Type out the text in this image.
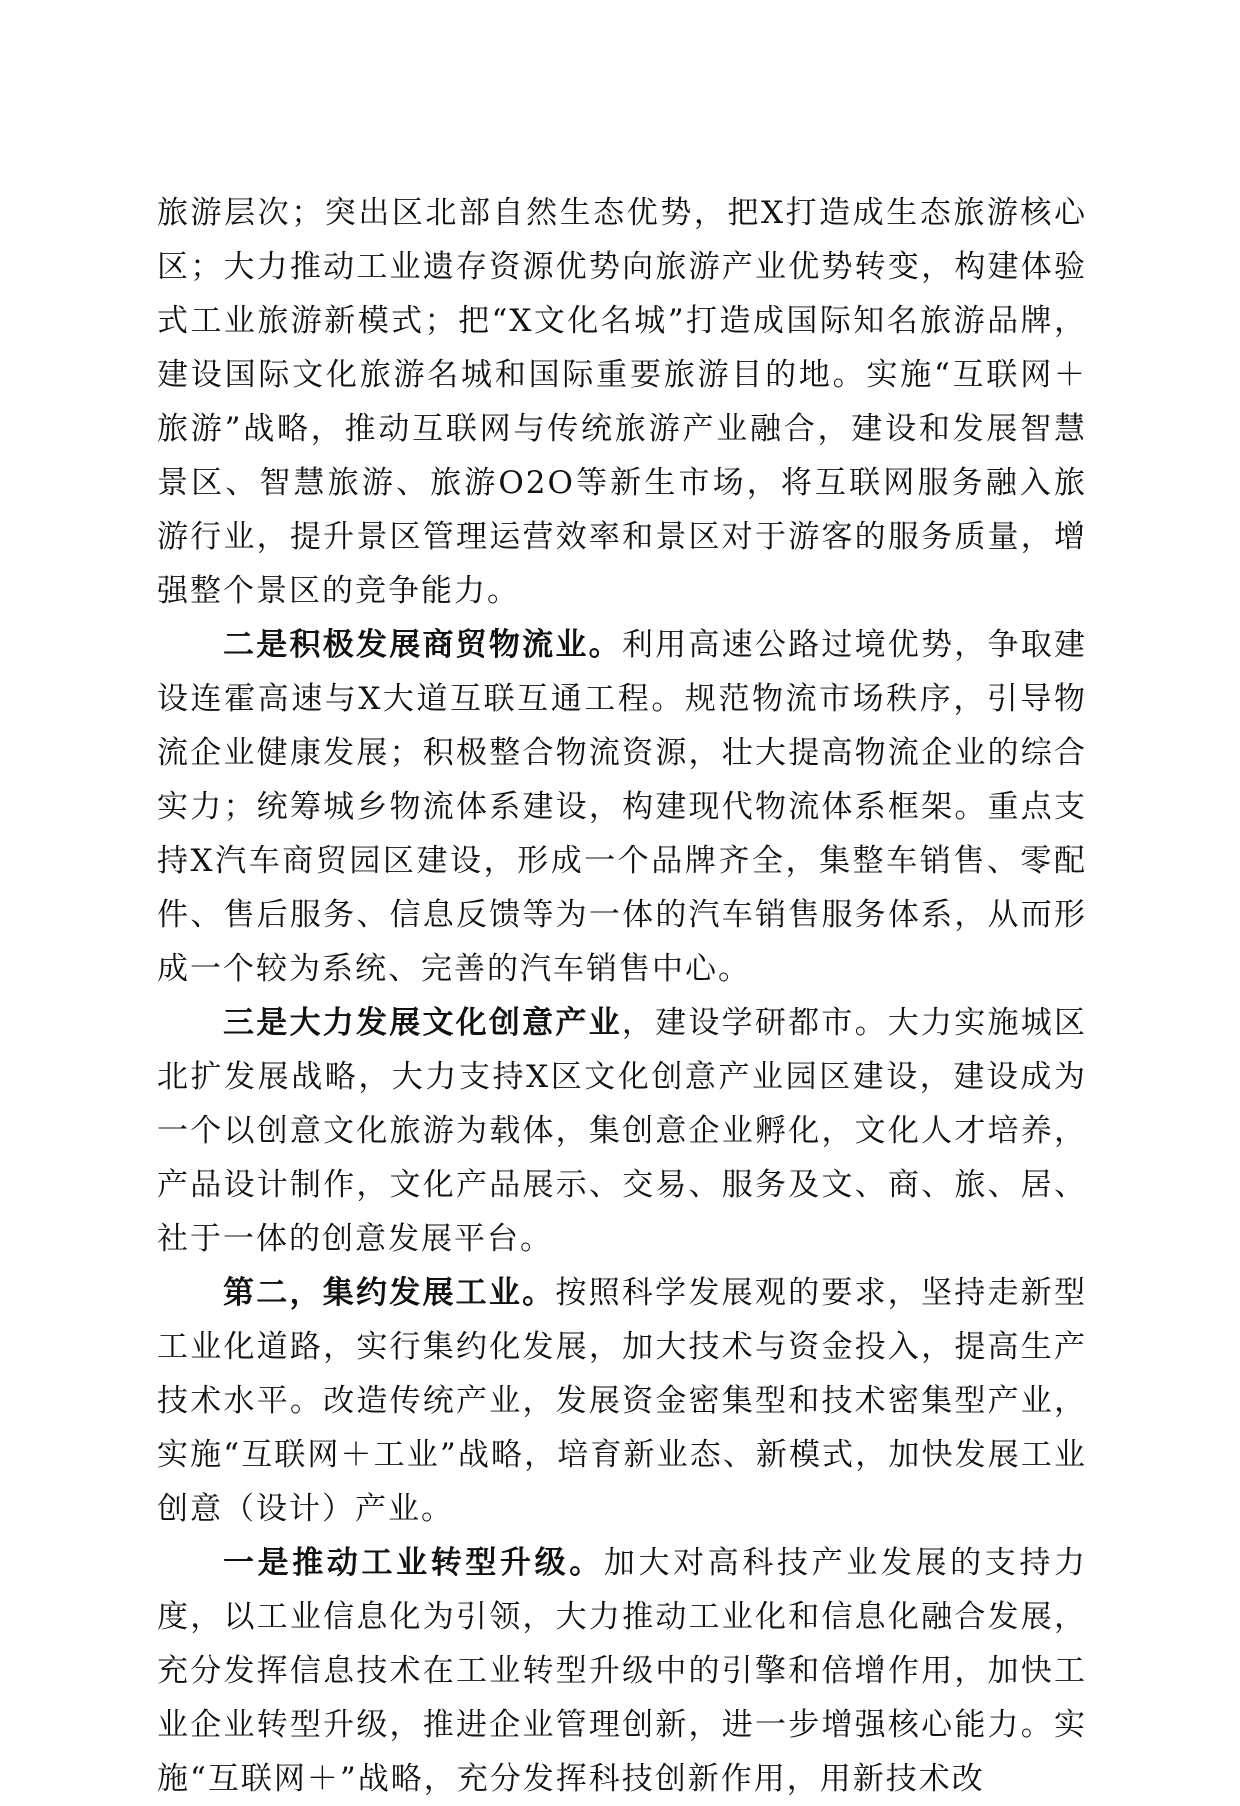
旅游层次；突出区北部自然生态优势，把X打造成生态旅游核心区；大力推动工业遗存资源优势向旅游产业优势转变，构建体验式工业旅游新模式；把“X文化名城”打造成国际知名旅游品牌，建设国际文化旅游名城和国际重要旅游目的地。实施“互联网＋旅游”战略，推动互联网与传统旅游产业融合，建设和发展智慧景区、智慧旅游、旅游O2O等新生市场，将互联网服务融入旅游行业，提升景区管理运营效率和景区对于游客的服务质量，增强整个景区的竞争能力。

二是积极发展商贸物流业。利用高速公路过境优势，争取建设连霍高速与X大道互联互通工程。规范物流市场秩序，引导物流企业健康发展；积极整合物流资源，壮大提高物流企业的综合实力；统筹城乡物流体系建设，构建现代物流体系框架。重点支持X汽车商贸园区建设，形成一个品牌齐全，集整车销售、零配件、售后服务、信息反馈等为一体的汽车销售服务体系，从而形成一个较为系统、完善的汽车销售中心。

三是大力发展文化创意产业，建设学研都市。大力实施城区北扩发展战略，大力支持X区文化创意产业园区建设，建设成为一个以创意文化旅游为载体，集创意企业孵化，文化人才培养，产品设计制作，文化产品展示、交易、服务及文、商、旅、居、社于一体的创意发展平台。

第二，集约发展工业。按照科学发展观的要求，坚持走新型工业化道路，实行集约化发展，加大技术与资金投入，提高生产技术水平。改造传统产业，发展资金密集型和技术密集型产业，实施“互联网＋工业”战略，培育新业态、新模式，加快发展工业创意（设计）产业。

一是推动工业转型升级。加大对高科技产业发展的支持力度，以工业信息化为引领，大力推动工业化和信息化融合发展，充分发挥信息技术在工业转型升级中的引擎和倍增作用，加快工业企业转型升级，推进企业管理创新，进一步增强核心能力。实施“互联网＋”战略，充分发挥科技创新作用，用新技术改
